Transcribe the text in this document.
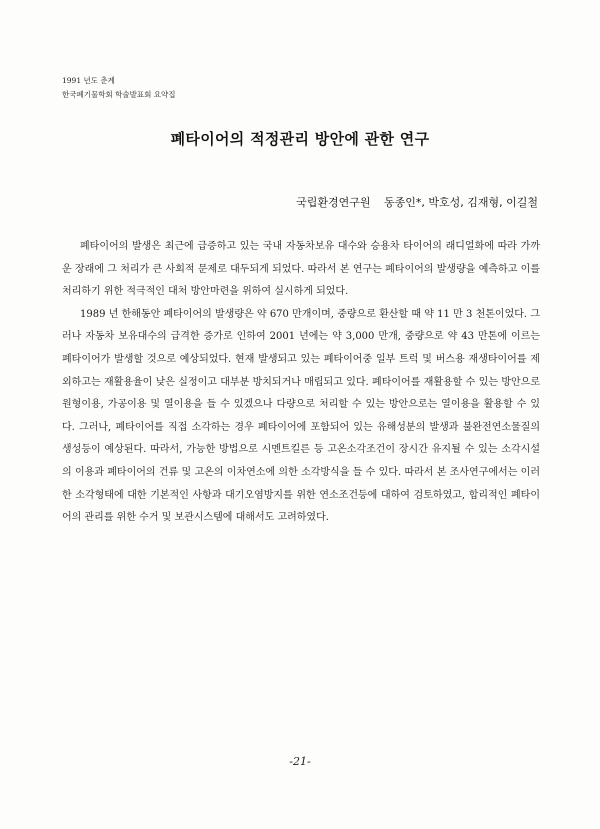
1991 년도 춘계
한국폐기물학회 학술발표회 요약집
폐타이어의 적정관리 방안에 관한 연구
국립환경연구원 동종인*, 박호성, 김재형, 이길철

폐타이어의 발생은 최근에 급증하고 있는 국내 자동차보유 대수와 승용차 타이어의 래디얼화에 따라 가까운 장래에 그 처리가 큰 사회적 문제로 대두되게 되었다. 따라서 본 연구는 폐타이어의 발생량을 예측하고 이를 처리하기 위한 적극적인 대처 방안마련을 위하여 실시하게 되었다.

1989 년 한해동안 폐타이어의 발생량은 약 670 만개이며, 중량으로 환산할 때 약 11 만 3 천톤이었다. 그러나 자동차 보유대수의 급격한 증가로 인하여 2001 년에는 약 3,000 만개, 중량으로 약 43 만톤에 이르는 폐타이어가 발생할 것으로 예상되었다. 현재 발생되고 있는 폐타이어중 일부 트럭 및 버스용 재생타이어를 제외하고는 재활용율이 낮은 실정이고 대부분 방치되거나 매립되고 있다. 폐타이어를 재활용할 수 있는 방안으로 원형이용, 가공이용 및 열이용을 들 수 있겠으나 다량으로 처리할 수 있는 방안으로는 열이용을 활용할 수 있다. 그러나, 폐타이어를 직접 소각하는 경우 폐타이어에 포함되어 있는 유해성분의 발생과 불완전연소물질의 생성등이 예상된다. 따라서, 가능한 방법으로 시멘트킬른 등 고온소각조건이 장시간 유지될 수 있는 소각시설의 이용과 폐타이어의 건류 및 고온의 이차연소에 의한 소각방식을 들 수 있다. 따라서 본 조사연구에서는 이러한 소각형태에 대한 기본적인 사항과 대기오염방지를 위한 연소조건등에 대하여 검토하였고, 합리적인 폐타이어의 관리를 위한 수거 및 보관시스템에 대해서도 고려하였다.

-21-
